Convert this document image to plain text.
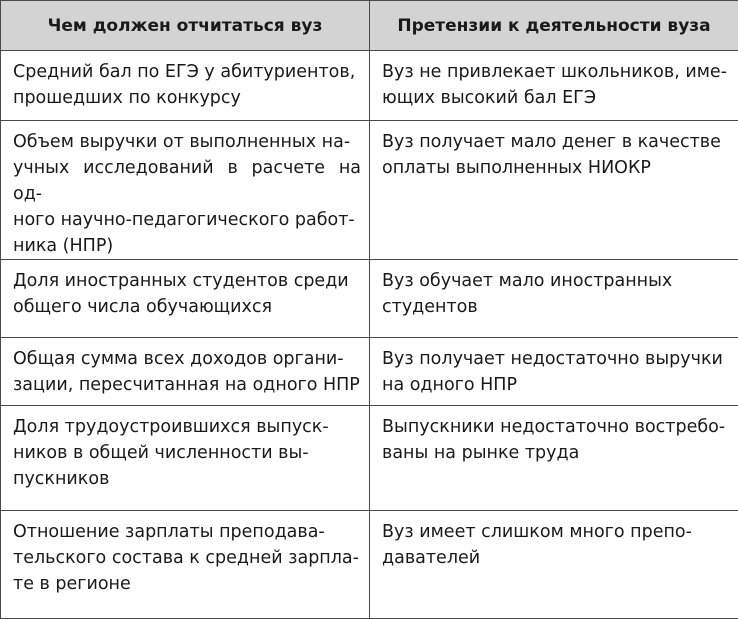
Чем должен отчитаться вуз	Претензии к деятельности вуза

Средний бал по ЕГЭ у абитуриентов,
прошедших по конкурсу	Вуз не привлекает школьников, име-
ющих высокий бал ЕГЭ

Объем выручки от выполненных на-
учных исследований в расчете на од-
ного научно-педагогического работ-
ника (НПР)	Вуз получает мало денег в качестве
оплаты выполненных НИОКР

Доля иностранных студентов среди
общего числа обучающихся	Вуз обучает мало иностранных
студентов

Общая сумма всех доходов органи-
зации, пересчитанная на одного НПР	Вуз получает недостаточно выручки
на одного НПР

Доля трудоустроившихся выпуск-
ников в общей численности вы-
пускников	Выпускники недостаточно востребо-
ваны на рынке труда

Отношение зарплаты преподава-
тельского состава к средней зарпла-
те в регионе	Вуз имеет слишком много препо-
давателей
